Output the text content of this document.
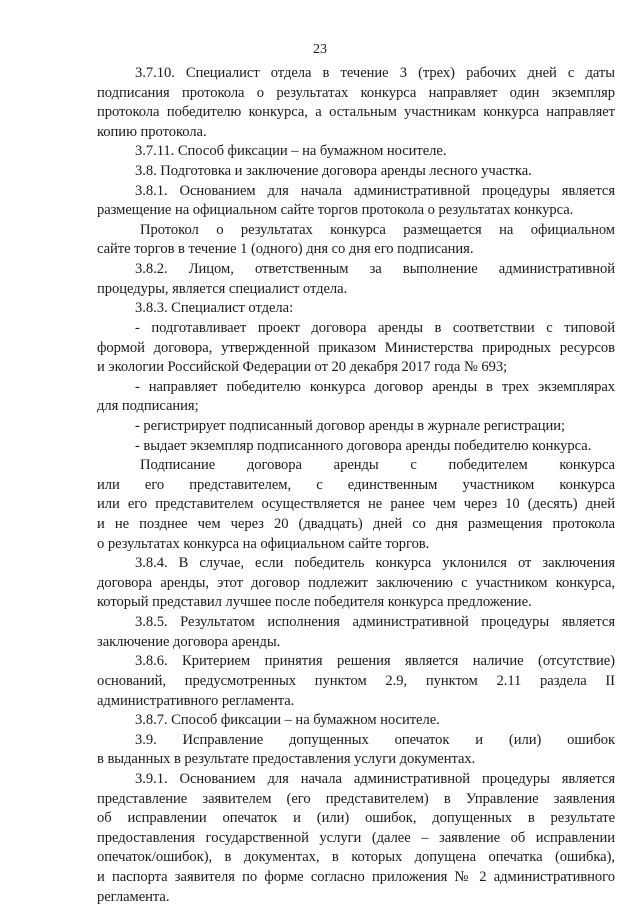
23
3.7.10. Специалист отдела в течение 3 (трех) рабочих дней с даты
подписания протокола о результатах конкурса направляет один экземпляр
протокола победителю конкурса, а остальным участникам конкурса направляет
копию протокола.
3.7.11. Способ фиксации – на бумажном носителе.
3.8. Подготовка и заключение договора аренды лесного участка.
3.8.1. Основанием для начала административной процедуры является
размещение на официальном сайте торгов протокола о результатах конкурса.
Протокол о результатах конкурса размещается на официальном
сайте торгов в течение 1 (одного) дня со дня его подписания.
3.8.2. Лицом, ответственным за выполнение административной
процедуры, является специалист отдела.
3.8.3. Специалист отдела:
- подготавливает проект договора аренды в соответствии с типовой
формой договора, утвержденной приказом Министерства природных ресурсов
и экологии Российской Федерации от 20 декабря 2017 года № 693;
- направляет победителю конкурса договор аренды в трех экземплярах
для подписания;
- регистрирует подписанный договор аренды в журнале регистрации;
- выдает экземпляр подписанного договора аренды победителю конкурса.
Подписание договора аренды с победителем конкурса
или его представителем, с единственным участником конкурса
или его представителем осуществляется не ранее чем через 10 (десять) дней
и не позднее чем через 20 (двадцать) дней со дня размещения протокола
о результатах конкурса на официальном сайте торгов.
3.8.4. В случае, если победитель конкурса уклонился от заключения
договора аренды, этот договор подлежит заключению с участником конкурса,
который представил лучшее после победителя конкурса предложение.
3.8.5. Результатом исполнения административной процедуры является
заключение договора аренды.
3.8.6. Критерием принятия решения является наличие (отсутствие)
оснований, предусмотренных пунктом 2.9, пунктом 2.11 раздела II
административного регламента.
3.8.7. Способ фиксации – на бумажном носителе.
3.9. Исправление допущенных опечаток и (или) ошибок
в выданных в результате предоставления услуги документах.
3.9.1. Основанием для начала административной процедуры является
представление заявителем (его представителем) в Управление заявления
об исправлении опечаток и (или) ошибок, допущенных в результате
предоставления государственной услуги (далее – заявление об исправлении
опечаток/ошибок), в документах, в которых допущена опечатка (ошибка),
и паспорта заявителя по форме согласно приложения № 2 административного
регламента.
